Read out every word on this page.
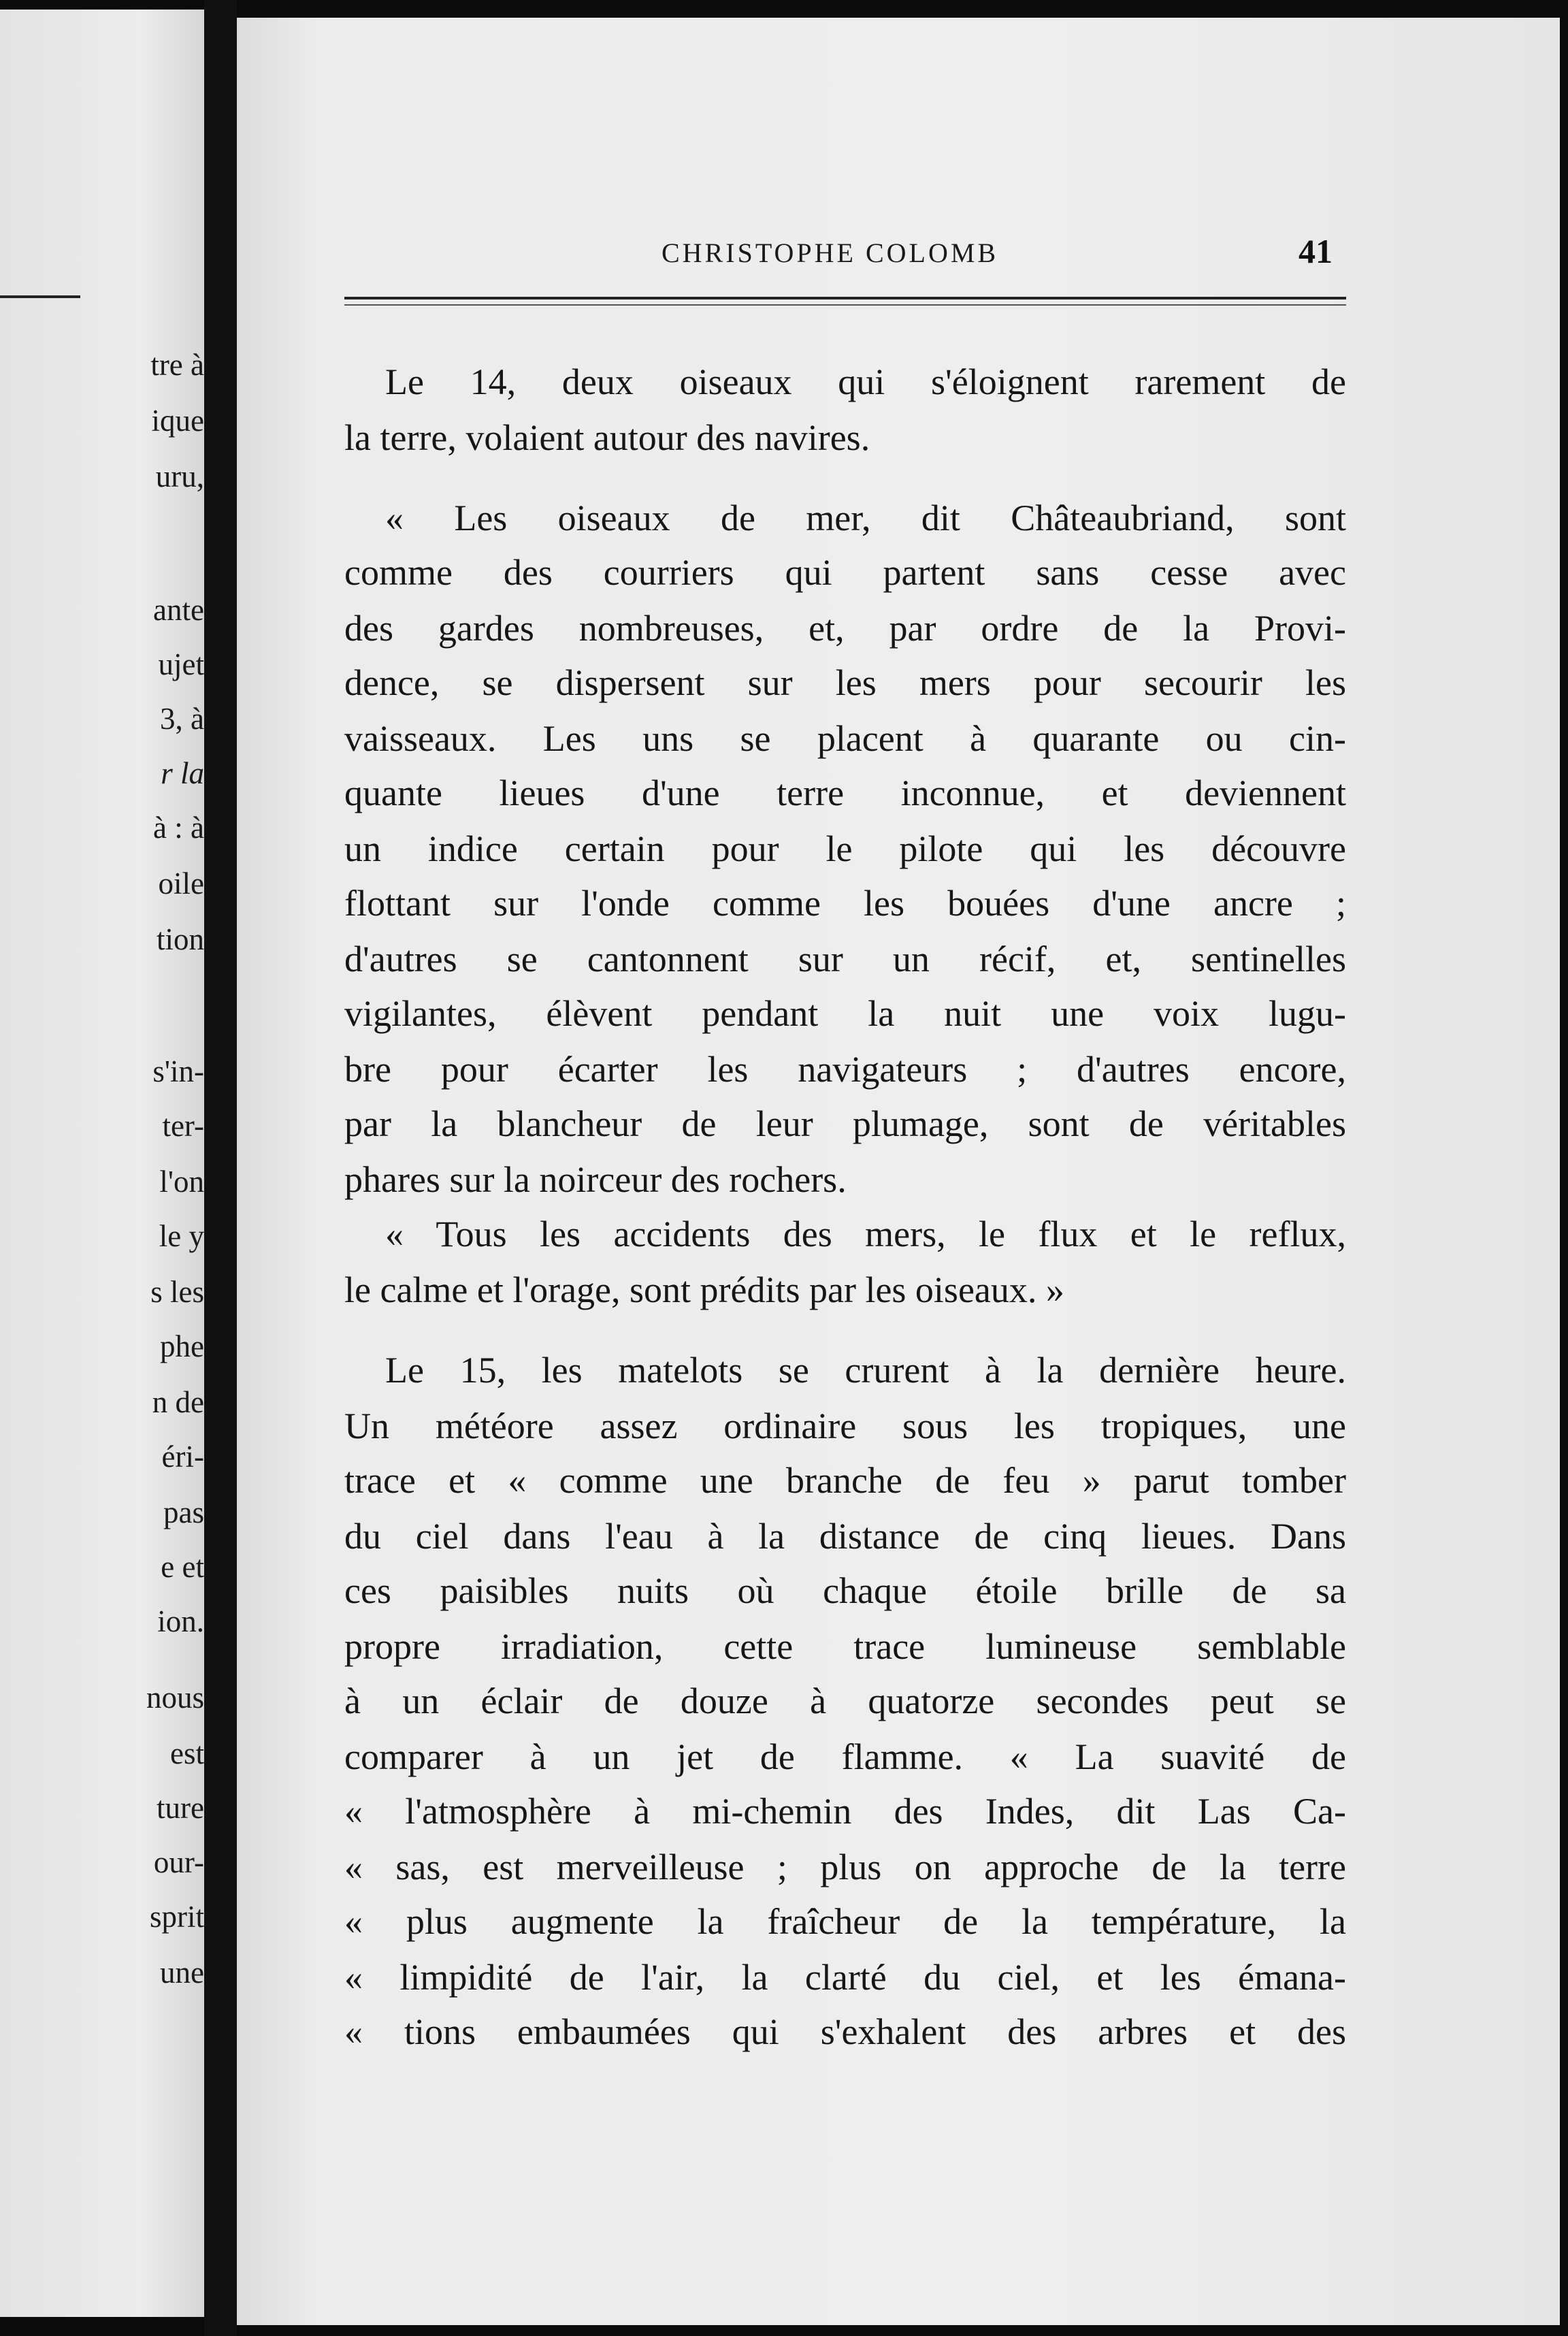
tre à
ique
uru,
ante
ujet
3, à
r la
à : à
oile
tion
s'in-
ter-
l'on
le y
s les
phe
n de
éri-
pas
e et
ion.
nous
est
ture
our-
sprit
une
CHRISTOPHE COLOMB	41
Le 14, deux oiseaux qui s'éloignent rarement de
la terre, volaient autour des navires.
« Les oiseaux de mer, dit Châteaubriand, sont
comme des courriers qui partent sans cesse avec
des gardes nombreuses, et, par ordre de la Provi-
dence, se dispersent sur les mers pour secourir les
vaisseaux. Les uns se placent à quarante ou cin-
quante lieues d'une terre inconnue, et deviennent
un indice certain pour le pilote qui les découvre
flottant sur l'onde comme les bouées d'une ancre ;
d'autres se cantonnent sur un récif, et, sentinelles
vigilantes, élèvent pendant la nuit une voix lugu-
bre pour écarter les navigateurs ; d'autres encore,
par la blancheur de leur plumage, sont de véritables
phares sur la noirceur des rochers.
« Tous les accidents des mers, le flux et le reflux,
le calme et l'orage, sont prédits par les oiseaux. »
Le 15, les matelots se crurent à la dernière heure.
Un météore assez ordinaire sous les tropiques, une
trace et « comme une branche de feu » parut tomber
du ciel dans l'eau à la distance de cinq lieues. Dans
ces paisibles nuits où chaque étoile brille de sa
propre irradiation, cette trace lumineuse semblable
à un éclair de douze à quatorze secondes peut se
comparer à un jet de flamme. « La suavité de
« l'atmosphère à mi-chemin des Indes, dit Las Ca-
« sas, est merveilleuse ; plus on approche de la terre
« plus augmente la fraîcheur de la température, la
« limpidité de l'air, la clarté du ciel, et les émana-
« tions embaumées qui s'exhalent des arbres et des
